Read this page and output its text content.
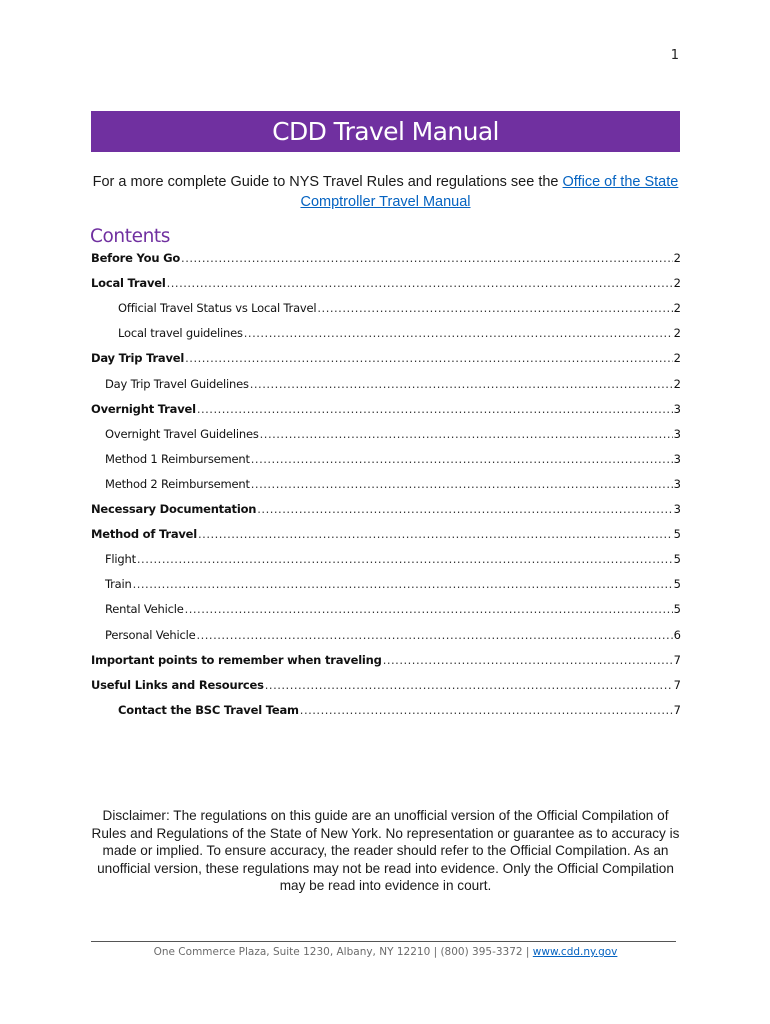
1
CDD Travel Manual
For a more complete Guide to NYS Travel Rules and regulations see the Office of the State Comptroller Travel Manual
Contents
Before You Go .....	2
Local Travel .....	2
Official Travel Status vs Local Travel .....	2
Local travel guidelines .....	2
Day Trip Travel .....	2
Day Trip Travel Guidelines .....	2
Overnight Travel .....	3
Overnight Travel Guidelines .....	3
Method 1 Reimbursement .....	3
Method 2 Reimbursement .....	3
Necessary Documentation .....	3
Method of Travel .....	5
Flight .....	5
Train .....	5
Rental Vehicle .....	5
Personal Vehicle .....	6
Important points to remember when traveling .....	7
Useful Links and Resources .....	7
Contact the BSC Travel Team .....	7
Disclaimer: The regulations on this guide are an unofficial version of the Official Compilation of Rules and Regulations of the State of New York. No representation or guarantee as to accuracy is made or implied. To ensure accuracy, the reader should refer to the Official Compilation. As an unofficial version, these regulations may not be read into evidence. Only the Official Compilation may be read into evidence in court.
One Commerce Plaza, Suite 1230, Albany, NY 12210 | (800) 395-3372 | www.cdd.ny.gov
